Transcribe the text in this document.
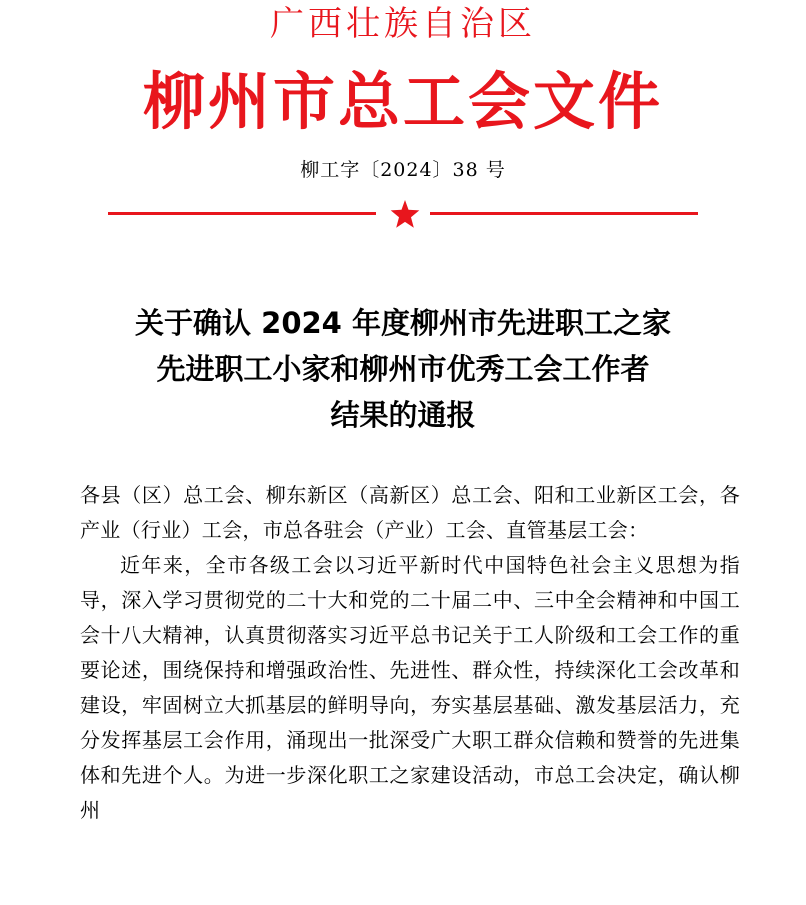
广西壮族自治区
柳州市总工会文件
柳工字〔2024〕38 号
关于确认 2024 年度柳州市先进职工之家
先进职工小家和柳州市优秀工会工作者
结果的通报

各县（区）总工会、柳东新区（高新区）总工会、阳和工业新区工会，各产业（行业）工会，市总各驻会（产业）工会、直管基层工会：

近年来，全市各级工会以习近平新时代中国特色社会主义思想为指导，深入学习贯彻党的二十大和党的二十届二中、三中全会精神和中国工会十八大精神，认真贯彻落实习近平总书记关于工人阶级和工会工作的重要论述，围绕保持和增强政治性、先进性、群众性，持续深化工会改革和建设，牢固树立大抓基层的鲜明导向，夯实基层基础、激发基层活力，充分发挥基层工会作用，涌现出一批深受广大职工群众信赖和赞誉的先进集体和先进个人。为进一步深化职工之家建设活动，市总工会决定，确认柳州
